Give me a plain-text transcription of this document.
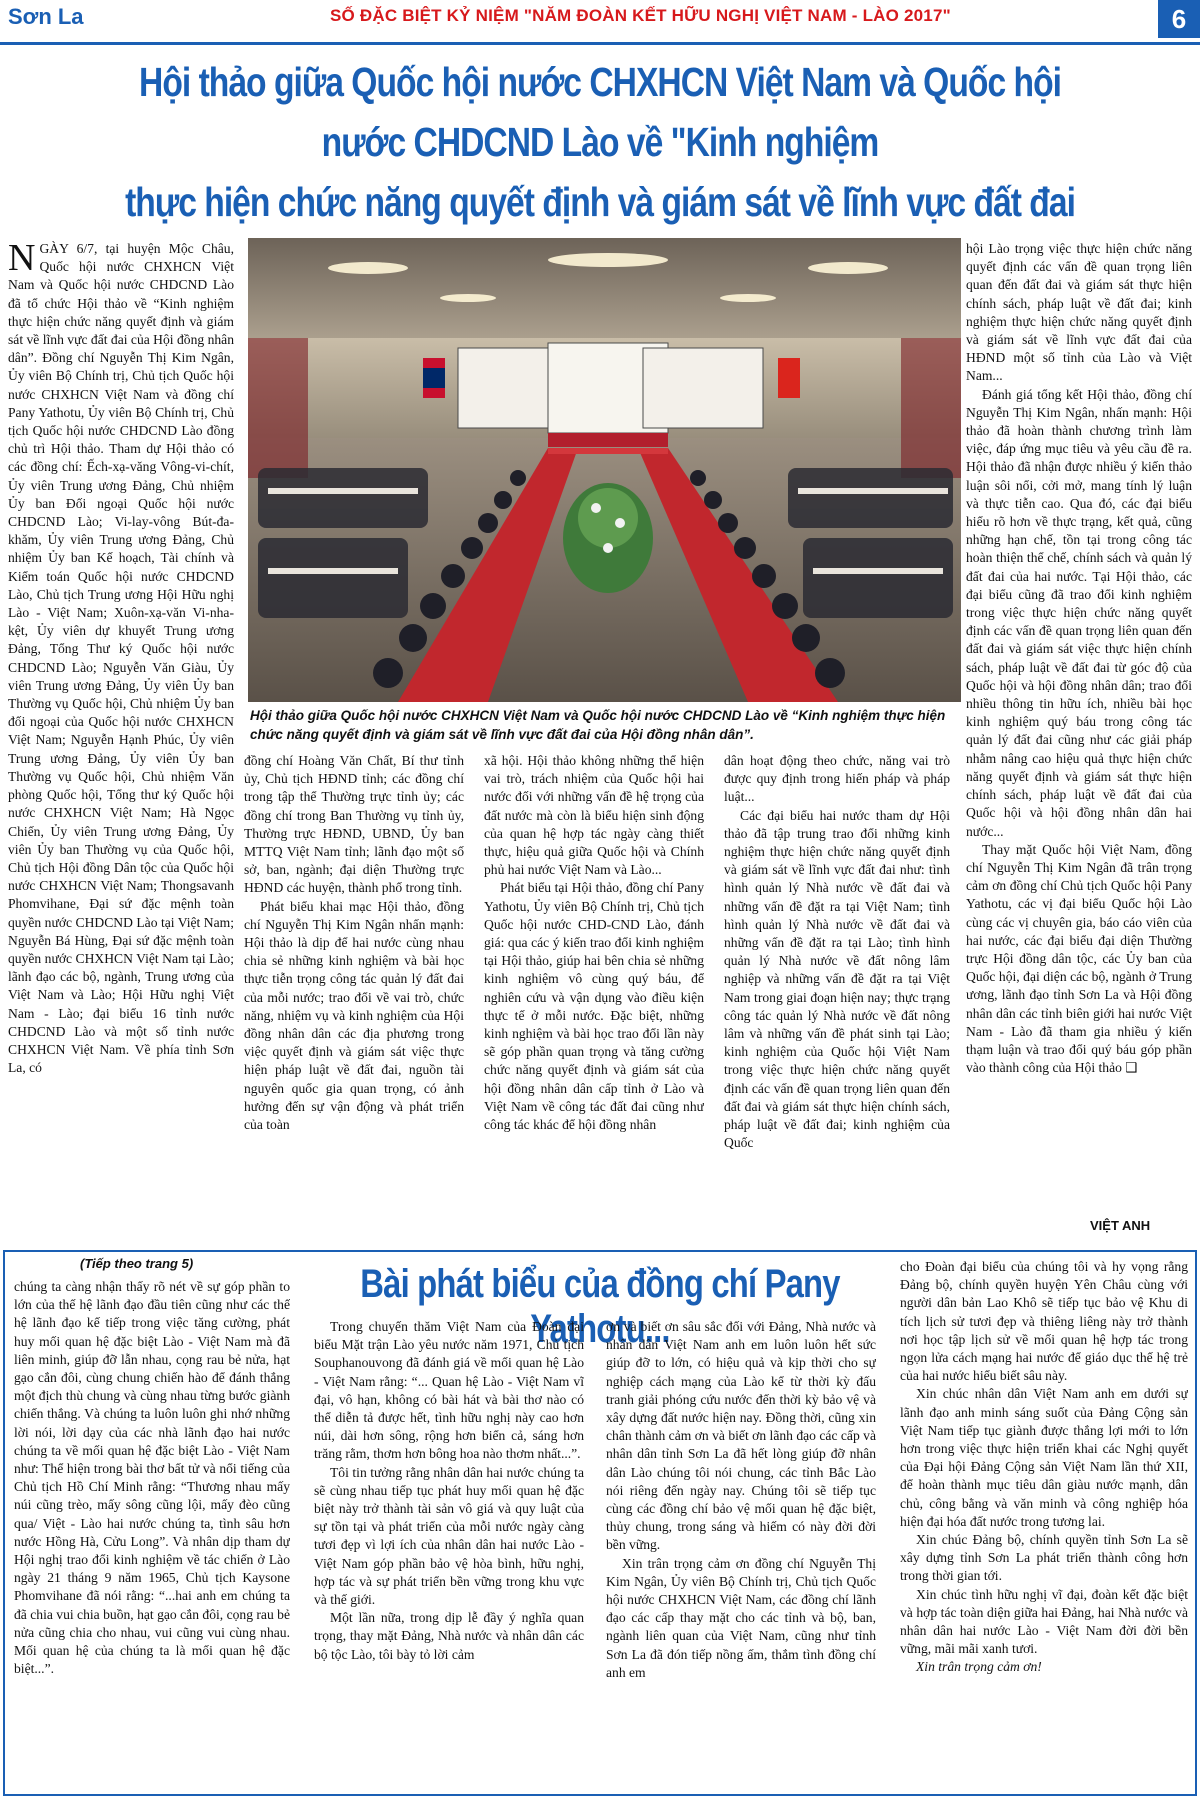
Sơn La	SỐ ĐẶC BIỆT KỶ NIỆM "NĂM ĐOÀN KẾT HỮU NGHỊ VIỆT NAM - LÀO 2017"	6
Hội thảo giữa Quốc hội nước CHXHCN Việt Nam và Quốc hội nước CHDCND Lào về "Kinh nghiệm
thực hiện chức năng quyết định và giám sát về lĩnh vực đất đai

NGÀY 6/7, tại huyện Mộc Châu, Quốc hội nước CHXHCN Việt Nam và Quốc hội nước CHDCND Lào đã tổ chức Hội thảo về “Kinh nghiệm thực hiện chức năng quyết định và giám sát về lĩnh vực đất đai của Hội đồng nhân dân”. Đồng chí Nguyễn Thị Kim Ngân, Ủy viên Bộ Chính trị, Chủ tịch Quốc hội nước CHXHCN Việt Nam và đồng chí Pany Yathotu, Ủy viên Bộ Chính trị, Chủ tịch Quốc hội nước CHDCND Lào đồng chủ trì Hội thảo. Tham dự Hội thảo có các đồng chí: Ếch-xạ-văng Vông-vi-chít, Ủy viên Trung ương Đảng, Chủ nhiệm Ủy ban Đối ngoại Quốc hội nước CHDCND Lào; Vi-lay-vông Bút-đa-khăm, Ủy viên Trung ương Đảng, Chủ nhiệm Ủy ban Kế hoạch, Tài chính và Kiểm toán Quốc hội nước CHDCND Lào, Chủ tịch Trung ương Hội Hữu nghị Lào - Việt Nam; Xuôn-xạ-văn Vi-nha-kệt, Ủy viên dự khuyết Trung ương Đảng, Tổng Thư ký Quốc hội nước CHDCND Lào; Nguyễn Văn Giàu, Ủy viên Trung ương Đảng, Ủy viên Ủy ban Thường vụ Quốc hội, Chủ nhiệm Ủy ban đối ngoại của Quốc hội nước CHXHCN Việt Nam; Nguyễn Hạnh Phúc, Ủy viên Trung ương Đảng, Ủy viên Ủy ban Thường vụ Quốc hội, Chủ nhiệm Văn phòng Quốc hội, Tổng thư ký Quốc hội nước CHXHCN Việt Nam; Hà Ngọc Chiến, Ủy viên Trung ương Đảng, Ủy viên Ủy ban Thường vụ của Quốc hội, Chủ tịch Hội đồng Dân tộc của Quốc hội nước CHXHCN Việt Nam; Thongsavanh Phomvihane, Đại sứ đặc mệnh toàn quyền nước CHDCND Lào tại Việt Nam; Nguyễn Bá Hùng, Đại sứ đặc mệnh toàn quyền nước CHXHCN Việt Nam tại Lào; lãnh đạo các bộ, ngành, Trung ương của Việt Nam và Lào; Hội Hữu nghị Việt Nam - Lào; đại biểu 16 tỉnh nước CHDCND Lào và một số tỉnh nước CHXHCN Việt Nam. Về phía tỉnh Sơn La, có

Hội thảo giữa Quốc hội nước CHXHCN Việt Nam và Quốc hội nước CHDCND Lào về “Kinh nghiệm thực hiện chức năng quyết định và giám sát về lĩnh vực đất đai của Hội đồng nhân dân”.

đồng chí Hoàng Văn Chất, Bí thư tỉnh ủy, Chủ tịch HĐND tỉnh; các đồng chí trong tập thể Thường trực tỉnh ủy; các đồng chí trong Ban Thường vụ tỉnh ủy, Thường trực HĐND, UBND, Ủy ban MTTQ Việt Nam tỉnh; lãnh đạo một số sở, ban, ngành; đại diện Thường trực HĐND các huyện, thành phố trong tỉnh.

Phát biểu khai mạc Hội thảo, đồng chí Nguyễn Thị Kim Ngân nhấn mạnh: Hội thảo là dịp để hai nước cùng nhau chia sẻ những kinh nghiệm và bài học thực tiễn trọng công tác quản lý đất đai của mỗi nước; trao đổi về vai trò, chức năng, nhiệm vụ và kinh nghiệm của Hội đồng nhân dân các địa phương trong việc quyết định và giám sát việc thực hiện pháp luật về đất đai, nguồn tài nguyên quốc gia quan trọng, có ảnh hưởng đến sự vận động và phát triển của toàn

xã hội. Hội thảo không những thể hiện vai trò, trách nhiệm của Quốc hội hai nước đối với những vấn đề hệ trọng của đất nước mà còn là biểu hiện sinh động của quan hệ hợp tác ngày càng thiết thực, hiệu quả giữa Quốc hội và Chính phủ hai nước Việt Nam và Lào...

Phát biểu tại Hội thảo, đồng chí Pany Yathotu, Ủy viên Bộ Chính trị, Chủ tịch Quốc hội nước CHD-CND Lào, đánh giá: qua các ý kiến trao đổi kinh nghiệm tại Hội thảo, giúp hai bên chia sẻ những kinh nghiệm vô cùng quý báu, để nghiên cứu và vận dụng vào điều kiện thực tế ở mỗi nước. Đặc biệt, những kinh nghiệm và bài học trao đổi lần này sẽ góp phần quan trọng và tăng cường chức năng quyết định và giám sát của hội đồng nhân dân cấp tỉnh ở Lào và Việt Nam về công tác đất đai cũng như công tác khác để hội đồng nhân

dân hoạt động theo chức, năng vai trò được quy định trong hiến pháp và pháp luật...

Các đại biểu hai nước tham dự Hội thảo đã tập trung trao đổi những kinh nghiệm thực hiện chức năng quyết định và giám sát về lĩnh vực đất đai như: tình hình quản lý Nhà nước về đất đai và những vấn đề đặt ra tại Việt Nam; tình hình quản lý Nhà nước về đất đai và những vấn đề đặt ra tại Lào; tình hình quản lý Nhà nước về đất nông lâm nghiệp và những vấn đề đặt ra tại Việt Nam trong giai đoạn hiện nay; thực trạng công tác quản lý Nhà nước về đất nông lâm và những vấn đề phát sinh tại Lào; kinh nghiệm của Quốc hội Việt Nam trong việc thực hiện chức năng quyết định các vấn đề quan trọng liên quan đến đất đai và giám sát thực hiện chính sách, pháp luật về đất đai; kinh nghiệm của Quốc

hội Lào trọng việc thực hiện chức năng quyết định các vấn đề quan trọng liên quan đến đất đai và giám sát thực hiện chính sách, pháp luật về đất đai; kinh nghiệm thực hiện chức năng quyết định và giám sát về lĩnh vực đất đai của HĐND một số tỉnh của Lào và Việt Nam...

Đánh giá tổng kết Hội thảo, đồng chí Nguyễn Thị Kim Ngân, nhấn mạnh: Hội thảo đã hoàn thành chương trình làm việc, đáp ứng mục tiêu và yêu cầu đề ra. Hội thảo đã nhận được nhiều ý kiến thảo luận sôi nổi, cởi mở, mang tính lý luận và thực tiễn cao. Qua đó, các đại biểu hiểu rõ hơn về thực trạng, kết quả, cũng những hạn chế, tồn tại trong công tác hoàn thiện thể chế, chính sách và quản lý đất đai của hai nước. Tại Hội thảo, các đại biểu cũng đã trao đổi kinh nghiệm trong việc thực hiện chức năng quyết định các vấn đề quan trọng liên quan đến đất đai và giám sát việc thực hiện chính sách, pháp luật về đất đai từ góc độ của Quốc hội và hội đồng nhân dân; trao đổi nhiều thông tin hữu ích, nhiều bài học kinh nghiệm quý báu trong công tác quản lý đất đai cũng như các giải pháp nhằm nâng cao hiệu quả thực hiện chức năng quyết định và giám sát thực hiện chính sách, pháp luật về đất đai của Quốc hội và hội đồng nhân dân hai nước...

Thay mặt Quốc hội Việt Nam, đồng chí Nguyễn Thị Kim Ngân đã trân trọng cảm ơn đồng chí Chủ tịch Quốc hội Pany Yathotu, các vị đại biểu Quốc hội Lào cùng các vị chuyên gia, báo cáo viên của hai nước, các đại biểu đại diện Thường trực Hội đồng dân tộc, các Ủy ban của Quốc hội, đại diện các bộ, ngành ở Trung ương, lãnh đạo tỉnh Sơn La và Hội đồng nhân dân các tỉnh biên giới hai nước Việt Nam - Lào đã tham gia nhiều ý kiến thạm luận và trao đổi quý báu góp phần vào thành công của Hội thảo ❑

VIỆT ANH
(Tiếp theo trang 5)	Bài phát biểu của đồng chí Pany Yathotu...

chúng ta càng nhận thấy rõ nét về sự góp phần to lớn của thế hệ lãnh đạo đầu tiên cũng như các thế hệ lãnh đạo kế tiếp trong việc tăng cường, phát huy mối quan hệ đặc biệt Lào - Việt Nam mà đã liên minh, giúp đỡ lẫn nhau, cọng rau bẻ nửa, hạt gạo cắn đôi, cùng chung chiến hào để đánh thắng một địch thù chung và cùng nhau từng bước giành chiến thắng. Và chúng ta luôn luôn ghi nhớ những lời nói, lời dạy của các nhà lãnh đạo hai nước chúng ta về mối quan hệ đặc biệt Lào - Việt Nam như: Thể hiện trong bài thơ bất tử và nổi tiếng của Chủ tịch Hồ Chí Minh rằng: “Thương nhau mấy núi cũng trèo, mấy sông cũng lội, mấy đèo cũng qua/ Việt - Lào hai nước chúng ta, tình sâu hơn nước Hồng Hà, Cửu Long”. Và nhân dịp tham dự Hội nghị trao đổi kinh nghiệm về tác chiến ở Lào ngày 21 tháng 9 năm 1965, Chủ tịch Kaysone Phomvihane đã nói rằng: “...hai anh em chúng ta đã chia vui chia buồn, hạt gạo cắn đôi, cọng rau bẻ nửa cũng chia cho nhau, vui cũng vui cùng nhau. Mối quan hệ của chúng ta là mối quan hệ đặc biệt...”.

Trong chuyến thăm Việt Nam của Đoàn đại biểu Mặt trận Lào yêu nước năm 1971, Chủ tịch Souphanouvong đã đánh giá về mối quan hệ Lào - Việt Nam rằng: “... Quan hệ Lào - Việt Nam vĩ đại, vô hạn, không có bài hát và bài thơ nào có thể diễn tả được hết, tình hữu nghị này cao hơn núi, dài hơn sông, rộng hơn biển cả, sáng hơn trăng rằm, thơm hơn bông hoa nào thơm nhất...”.

Tôi tin tưởng rằng nhân dân hai nước chúng ta sẽ cùng nhau tiếp tục phát huy mối quan hệ đặc biệt này trở thành tài sản vô giá và quy luật của sự tồn tại và phát triển của mỗi nước ngày càng tươi đẹp vì lợi ích của nhân dân hai nước Lào - Việt Nam góp phần bảo vệ hòa bình, hữu nghị, hợp tác và sự phát triển bền vững trong khu vực và thế giới.

Một lần nữa, trong dịp lễ đầy ý nghĩa quan trọng, thay mặt Đảng, Nhà nước và nhân dân các bộ tộc Lào, tôi bày tỏ lời cảm

ơn và biết ơn sâu sắc đối với Đảng, Nhà nước và nhân dân Việt Nam anh em luôn luôn hết sức giúp đỡ to lớn, có hiệu quả và kịp thời cho sự nghiệp cách mạng của Lào kể từ thời kỳ đấu tranh giải phóng cứu nước đến thời kỳ bảo vệ và xây dựng đất nước hiện nay. Đồng thời, cũng xin chân thành cảm ơn và biết ơn lãnh đạo các cấp và nhân dân tỉnh Sơn La đã hết lòng giúp đỡ nhân dân Lào chúng tôi nói chung, các tỉnh Bắc Lào nói riêng đến ngày nay. Chúng tôi sẽ tiếp tục cùng các đồng chí bảo vệ mối quan hệ đặc biệt, thủy chung, trong sáng và hiếm có này đời đời bền vững.

Xin trân trọng cảm ơn đồng chí Nguyễn Thị Kim Ngân, Ủy viên Bộ Chính trị, Chủ tịch Quốc hội nước CHXHCN Việt Nam, các đồng chí lãnh đạo các cấp thay mặt cho các tỉnh và bộ, ban, ngành liên quan của Việt Nam, cũng như tỉnh Sơn La đã đón tiếp nồng ấm, thắm tình đồng chí anh em

cho Đoàn đại biểu của chúng tôi và hy vọng rằng Đảng bộ, chính quyền huyện Yên Châu cùng với người dân bản Lao Khô sẽ tiếp tục bảo vệ Khu di tích lịch sử tươi đẹp và thiêng liêng này trở thành nơi học tập lịch sử về mối quan hệ hợp tác trong ngọn lửa cách mạng hai nước để giáo dục thế hệ trẻ của hai nước hiểu biết sâu này.

Xin chúc nhân dân Việt Nam anh em dưới sự lãnh đạo anh minh sáng suốt của Đảng Cộng sản Việt Nam tiếp tục giành được thắng lợi mới to lớn hơn trong việc thực hiện triển khai các Nghị quyết của Đại hội Đảng Cộng sản Việt Nam lần thứ XII, để hoàn thành mục tiêu dân giàu nước mạnh, dân chủ, công bằng và văn minh và công nghiệp hóa hiện đại hóa đất nước trong tương lai.

Xin chúc Đảng bộ, chính quyền tỉnh Sơn La sẽ xây dựng tỉnh Sơn La phát triển thành công hơn trong thời gian tới.

Xin chúc tình hữu nghị vĩ đại, đoàn kết đặc biệt và hợp tác toàn diện giữa hai Đảng, hai Nhà nước và nhân dân hai nước Lào - Việt Nam đời đời bền vững, mãi mãi xanh tươi.

Xin trân trọng cảm ơn!
